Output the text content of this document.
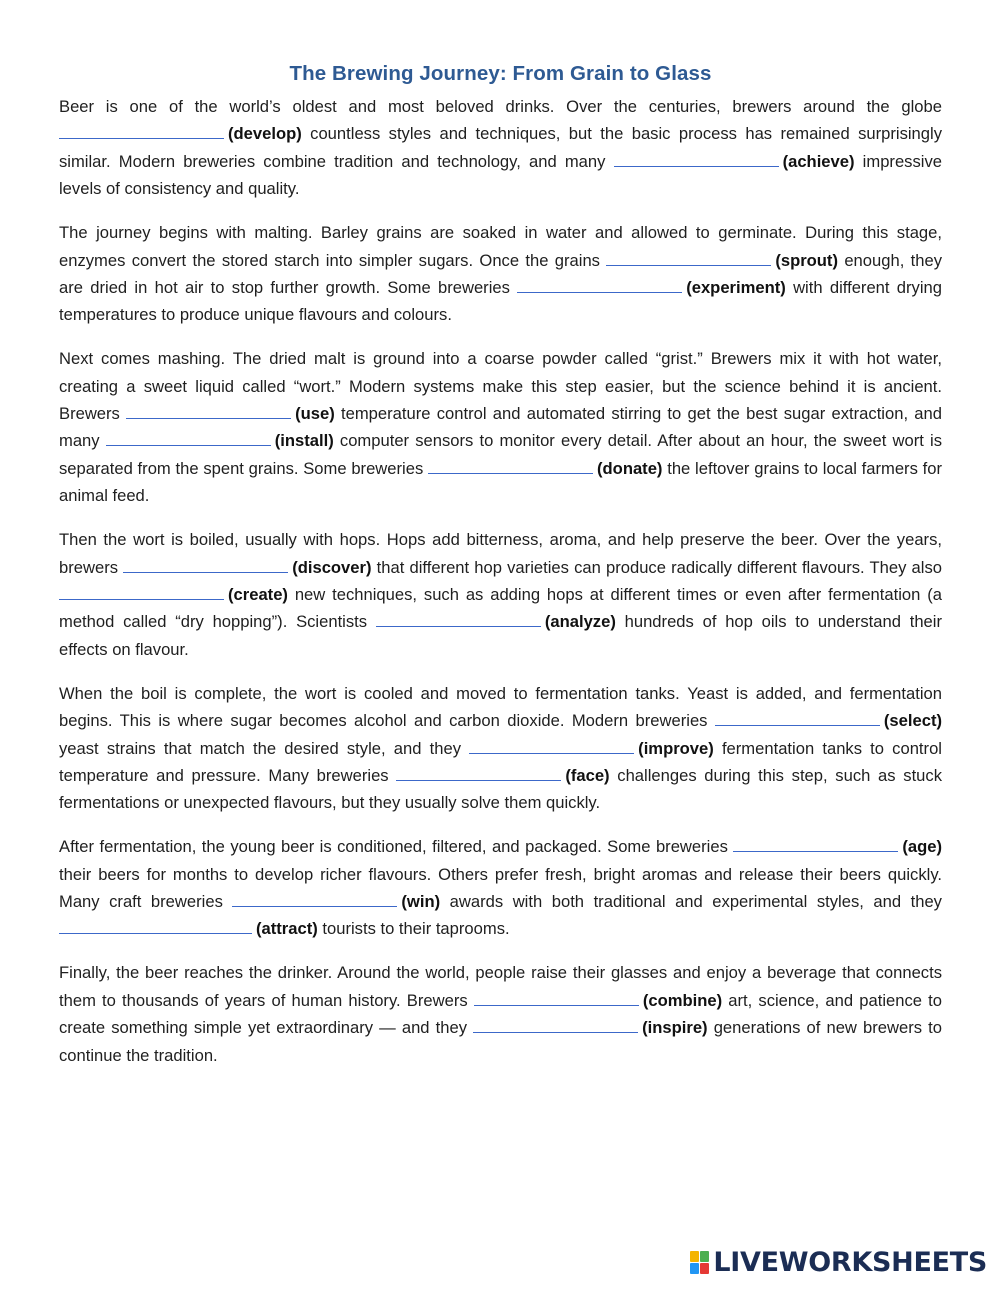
The Brewing Journey: From Grain to Glass

Beer is one of the world’s oldest and most beloved drinks. Over the centuries, brewers around the globe (develop) countless styles and techniques, but the basic process has remained surprisingly similar. Modern breweries combine tradition and technology, and many	(achieve) impressive levels of consistency and quality.

The journey begins with malting. Barley grains are soaked in water and allowed to germinate. During this stage, enzymes convert the stored starch into simpler sugars. Once the grains	(sprout) enough, they are dried in hot air to stop further growth. Some breweries	(experiment) with different drying temperatures to produce unique flavours and colours.

Next comes mashing. The dried malt is ground into a coarse powder called “grist.” Brewers mix it with hot water, creating a sweet liquid called “wort.” Modern systems make this step easier, but the science behind it is ancient. Brewers	(use) temperature control and automated stirring to get the best sugar extraction, and many	(install) computer sensors to monitor every detail. After about an hour, the sweet wort is separated from the spent grains. Some breweries	(donate) the leftover grains to local farmers for animal feed.

Then the wort is boiled, usually with hops. Hops add bitterness, aroma, and help preserve the beer. Over the years, brewers	(discover) that different hop varieties can produce radically different flavours. They also (create) new techniques, such as adding hops at different times or even after fermentation (a method called “dry hopping”). Scientists	(analyze) hundreds of hop oils to understand their effects on flavour.

When the boil is complete, the wort is cooled and moved to fermentation tanks. Yeast is added, and fermentation begins. This is where sugar becomes alcohol and carbon dioxide. Modern breweries	(select) yeast strains that match the desired style, and they	(improve) fermentation tanks to control temperature and pressure. Many breweries	(face) challenges during this step, such as stuck fermentations or unexpected flavours, but they usually solve them quickly.

After fermentation, the young beer is conditioned, filtered, and packaged. Some breweries	(age) their beers for months to develop richer flavours. Others prefer fresh, bright aromas and release their beers quickly. Many craft breweries	(win) awards with both traditional and experimental styles, and they (attract) tourists to their taprooms.

Finally, the beer reaches the drinker. Around the world, people raise their glasses and enjoy a beverage that connects them to thousands of years of human history. Brewers	(combine) art, science, and patience to create something simple yet extraordinary — and they	(inspire) generations of new brewers to continue the tradition.

LIVEWORKSHEETS
